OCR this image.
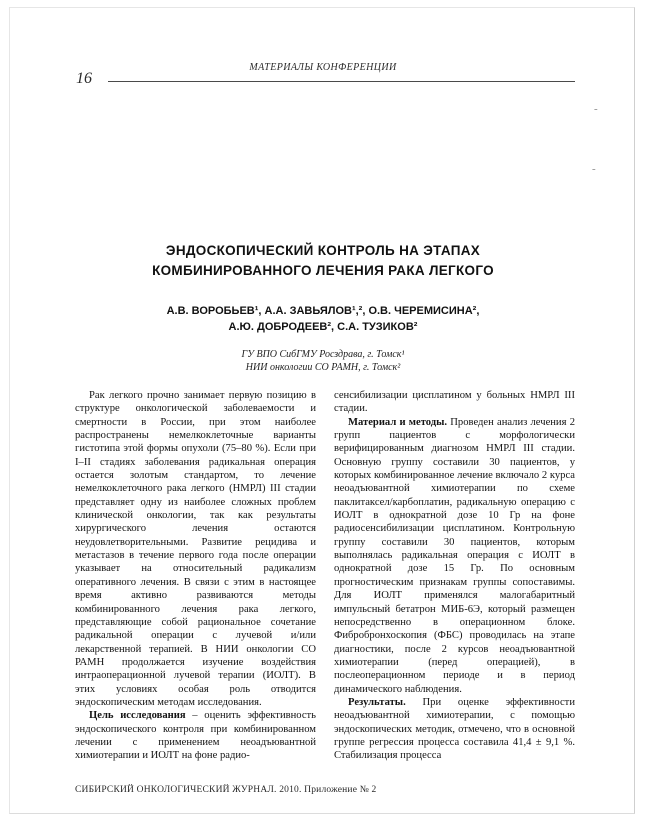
МАТЕРИАЛЫ КОНФЕРЕНЦИИ
16
-
-
ЭНДОСКОПИЧЕСКИЙ КОНТРОЛЬ НА ЭТАПАХ
КОМБИНИРОВАННОГО ЛЕЧЕНИЯ РАКА ЛЕГКОГО
А.В. ВОРОБЬЕВ¹, А.А. ЗАВЬЯЛОВ¹,², О.В. ЧЕРЕМИСИНА²,
А.Ю. ДОБРОДЕЕВ², С.А. ТУЗИКОВ²
ГУ ВПО СибГМУ Росздрава, г. Томск¹
НИИ онкологии СО РАМН, г. Томск²

Рак легкого прочно занимает первую позицию в структуре онкологической заболеваемости и смертности в России, при этом наиболее распространены немелкоклеточные варианты гистотипа этой формы опухоли (75–80 %). Если при I–II стадиях заболевания радикальная операция остается золотым стандартом, то лечение немелкоклеточного рака легкого (НМРЛ) III стадии представляет одну из наиболее сложных проблем клинической онкологии, так как результаты хирургического лечения остаются неудовлетворительными. Развитие рецидива и метастазов в течение первого года после операции указывает на относительный радикализм оперативного лечения. В связи с этим в настоящее время активно развиваются методы комбинированного лечения рака легкого, представляющие собой рациональное сочетание радикальной операции с лучевой и/или лекарственной терапией. В НИИ онкологии СО РАМН продолжается изучение воздействия интраоперационной лучевой терапии (ИОЛТ). В этих условиях особая роль отводится эндоскопическим методам исследования.

Цель исследования – оценить эффективность эндоскопического контроля при комбинированном лечении с применением неоадъювантной химиотерапии и ИОЛТ на фоне радио-

сенсибилизации цисплатином у больных НМРЛ III стадии.

Материал и методы. Проведен анализ лечения 2 групп пациентов с морфологически верифицированным диагнозом НМРЛ III стадии. Основную группу составили 30 пациентов, у которых комбинированное лечение включало 2 курса неоадъювантной химиотерапии по схеме паклитаксел/карбоплатин, радикальную операцию с ИОЛТ в однократной дозе 10 Гр на фоне радиосенсибилизации цисплатином. Контрольную группу составили 30 пациентов, которым выполнялась радикальная операция с ИОЛТ в однократной дозе 15 Гр. По основным прогностическим признакам группы сопоставимы. Для ИОЛТ применялся малогабаритный импульсный бетатрон МИБ-6Э, который размещен непосредственно в операционном блоке. Фибробронхоскопия (ФБС) проводилась на этапе диагностики, после 2 курсов неоадъювантной химиотерапии (перед операцией), в послеоперационном периоде и в период динамического наблюдения.

Результаты. При оценке эффективности неоадъювантной химиотерапии, с помощью эндоскопических методик, отмечено, что в основной группе регрессия процесса составила 41,4 ± 9,1 %. Стабилизация процесса

СИБИРСКИЙ ОНКОЛОГИЧЕСКИЙ ЖУРНАЛ. 2010. Приложение № 2
